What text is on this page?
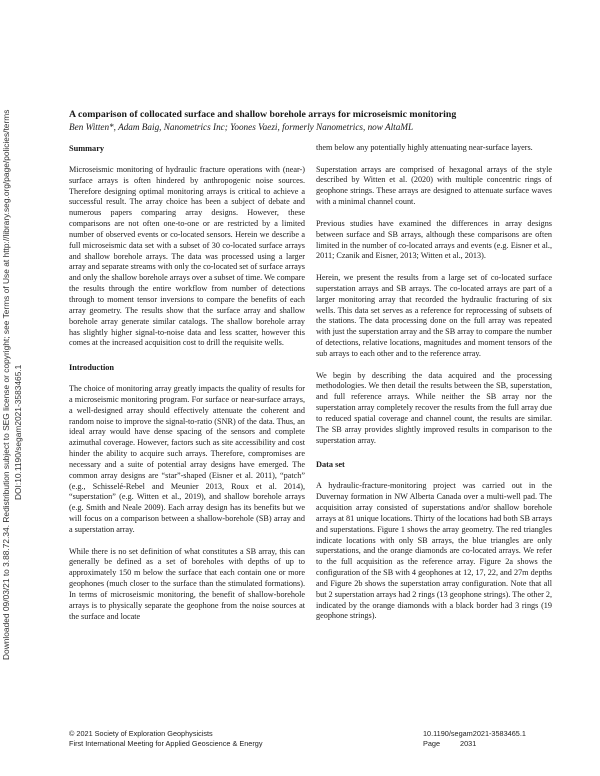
Downloaded 09/03/21 to 3.88.72.34. Redistribution subject to SEG license or copyright; see Terms of Use at http://library.seg.org/page/policies/terms DOI:10.1190/segam2021-3583465.1
A comparison of collocated surface and shallow borehole arrays for microseismic monitoring
Ben Witten*, Adam Baig, Nanometrics Inc; Yoones Vaezi, formerly Nanometrics, now AltaML
Summary

Microseismic monitoring of hydraulic fracture operations with (near-) surface arrays is often hindered by anthropogenic noise sources. Therefore designing optimal monitoring arrays is critical to achieve a successful result. The array choice has been a subject of debate and numerous papers comparing array designs. However, these comparisons are not often one-to-one or are restricted by a limited number of observed events or co-located sensors. Herein we describe a full microseismic data set with a subset of 30 co-located surface arrays and shallow borehole arrays. The data was processed using a larger array and separate streams with only the co-located set of surface arrays and only the shallow borehole arrays over a subset of time. We compare the results through the entire workflow from number of detections through to moment tensor inversions to compare the benefits of each array geometry. The results show that the surface array and shallow borehole array generate similar catalogs. The shallow borehole array has slightly higher signal-to-noise data and less scatter, however this comes at the increased acquisition cost to drill the requisite wells.

Introduction

The choice of monitoring array greatly impacts the quality of results for a microseismic monitoring program. For surface or near-surface arrays, a well-designed array should effectively attenuate the coherent and random noise to improve the signal-to-ratio (SNR) of the data. Thus, an ideal array would have dense spacing of the sensors and complete azimuthal coverage. However, factors such as site accessibility and cost hinder the ability to acquire such arrays. Therefore, compromises are necessary and a suite of potential array designs have emerged. The common array designs are “star”-shaped (Eisner et al. 2011), “patch” (e.g., Schisselé-Rebel and Meunier 2013, Roux et al. 2014), “superstation” (e.g. Witten et al., 2019), and shallow borehole arrays (e.g. Smith and Neale 2009). Each array design has its benefits but we will focus on a comparison between a shallow-borehole (SB) array and a superstation array.

While there is no set definition of what constitutes a SB array, this can generally be defined as a set of boreholes with depths of up to approximately 150 m below the surface that each contain one or more geophones (much closer to the surface than the stimulated formations). In terms of microseismic monitoring, the benefit of shallow-borehole arrays is to physically separate the geophone from the noise sources at the surface and locate

them below any potentially highly attenuating near-surface layers.

Superstation arrays are comprised of hexagonal arrays of the style described by Witten et al. (2020) with multiple concentric rings of geophone strings. These arrays are designed to attenuate surface waves with a minimal channel count.

Previous studies have examined the differences in array designs between surface and SB arrays, although these comparisons are often limited in the number of co-located arrays and events (e.g. Eisner et al., 2011; Czanik and Eisner, 2013; Witten et al., 2013).

Herein, we present the results from a large set of co-located surface superstation arrays and SB arrays. The co-located arrays are part of a larger monitoring array that recorded the hydraulic fracturing of six wells. This data set serves as a reference for reprocessing of subsets of the stations. The data processing done on the full array was repeated with just the superstation array and the SB array to compare the number of detections, relative locations, magnitudes and moment tensors of the sub arrays to each other and to the reference array.

We begin by describing the data acquired and the processing methodologies. We then detail the results between the SB, superstation, and full reference arrays. While neither the SB array nor the superstation array completely recover the results from the full array due to reduced spatial coverage and channel count, the results are similar. The SB array provides slightly improved results in comparison to the superstation array.

Data set

A hydraulic-fracture-monitoring project was carried out in the Duvernay formation in NW Alberta Canada over a multi-well pad. The acquisition array consisted of superstations and/or shallow borehole arrays at 81 unique locations. Thirty of the locations had both SB arrays and superstations. Figure 1 shows the array geometry. The red triangles indicate locations with only SB arrays, the blue triangles are only superstations, and the orange diamonds are co-located arrays. We refer to the full acquisition as the reference array. Figure 2a shows the configuration of the SB with 4 geophones at 12, 17, 22, and 27m depths and Figure 2b shows the superstation array configuration. Note that all but 2 superstation arrays had 2 rings (13 geophone strings). The other 2, indicated by the orange diamonds with a black border had 3 rings (19 geophone strings).

© 2021 Society of Exploration Geophysicists
First International Meeting for Applied Geoscience & Energy
10.1190/segam2021-3583465.1
Page	2031
